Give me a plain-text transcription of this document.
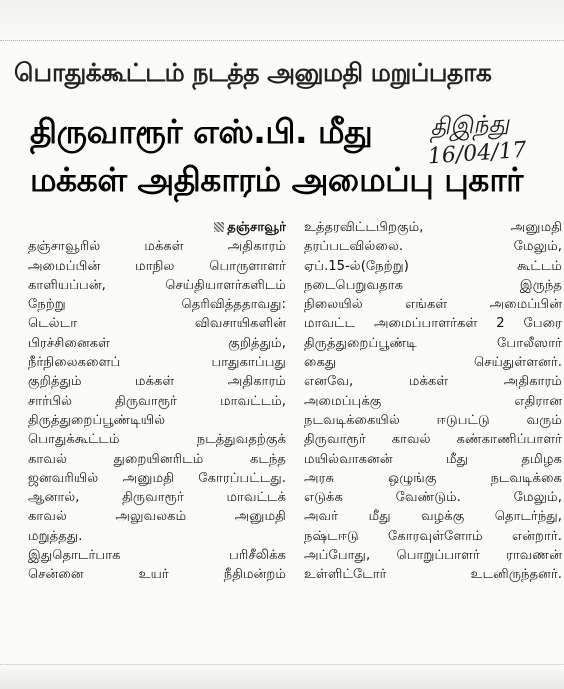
பொதுக்கூட்டம் நடத்த அனுமதி மறுப்பதாக
திருவாரூர் எஸ்.பி. மீது
மக்கள் அதிகாரம் அமைப்பு புகார்
திஇந்து
16/04/17
தஞ்சாவூர்
தஞ்சாவூரில் மக்கள் அதிகாரம்
அமைப்பின் மாநில பொருளாளர்
காளியப்பன், செய்தியாளர்களிடம்
நேற்று தெரிவித்ததாவது:
டெல்டா விவசாயிகளின்
பிரச்சினைகள் குறித்தும்,
நீர்நிலைகளைப் பாதுகாப்பது
குறித்தும் மக்கள் அதிகாரம்
சார்பில் திருவாரூர் மாவட்டம்,
திருத்துறைப்பூண்டியில்
பொதுக்கூட்டம் நடத்துவதற்குக்
காவல் துறையினரிடம் கடந்த
ஜனவரியில் அனுமதி கோரப்பட்டது.
ஆனால், திருவாரூர் மாவட்டக்
காவல் அலுவலகம் அனுமதி
மறுத்தது.
இதுதொடர்பாக பரிசீலிக்க
சென்னை உயர் நீதிமன்றம்
உத்தரவிட்டபிறகும், அனுமதி
தரப்படவில்லை. மேலும்,
ஏப்.15-ல்(நேற்று) கூட்டம்
நடைபெறுவதாக இருந்த
நிலையில் எங்கள் அமைப்பின்
மாவட்ட அமைப்பாளர்கள் 2 பேரை
திருத்துறைப்பூண்டி போலீஸார்
கைது செய்துள்ளனர்.
எனவே, மக்கள் அதிகாரம்
அமைப்புக்கு எதிரான
நடவடிக்கையில் ஈடுபட்டு வரும்
திருவாரூர் காவல் கண்காணிப்பாளர்
மயில்வாகனன் மீது தமிழக
அரசு ஒழுங்கு நடவடிக்கை
எடுக்க வேண்டும். மேலும்,
அவர் மீது வழக்கு தொடர்ந்து,
நஷ்டஈடு கோரவுள்ளோம் என்றார்.
அப்போது, பொறுப்பாளர் ராவணன்
உள்ளிட்டோர் உடனிருந்தனர்.
